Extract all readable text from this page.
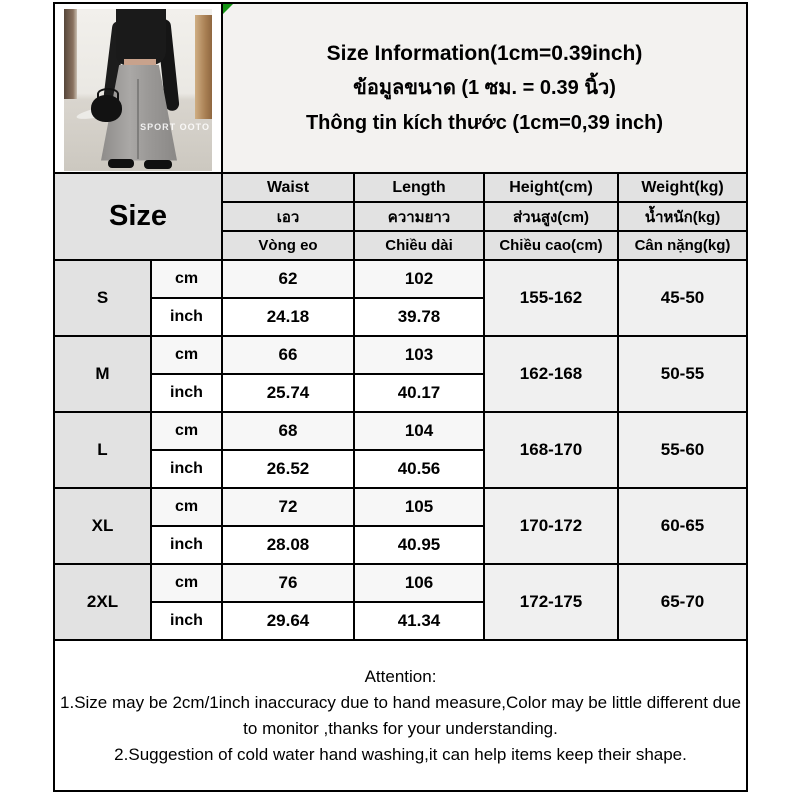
SPORT OOTO		Size Information(1cm=0.39inch)
ข้อมูลขนาด (1 ซม. = 0.39 นิ้ว)
Thông tin kích thước (1cm=0,39 inch)			

Size		Waist	Length	Height(cm)	Weight(kg)
		เอว	ความยาว	ส่วนสูง(cm)	น้ำหนัก(kg)
		Vòng eo	Chiều dài	Chiều cao(cm)	Cân nặng(kg)
S	cm	62	102	155-162	45-50
	inch	24.18	39.78		
M	cm	66	103	162-168	50-55
	inch	25.74	40.17		
L	cm	68	104	168-170	55-60
	inch	26.52	40.56		
XL	cm	72	105	170-172	60-65
	inch	28.08	40.95		
2XL	cm	76	106	172-175	65-70
	inch	29.64	41.34		

Attention:
1.Size may be 2cm/1inch inaccuracy due to hand measure,Color may be little different due to monitor ,thanks for your understanding.
2.Suggestion of cold water hand washing,it can help items keep their shape.					
